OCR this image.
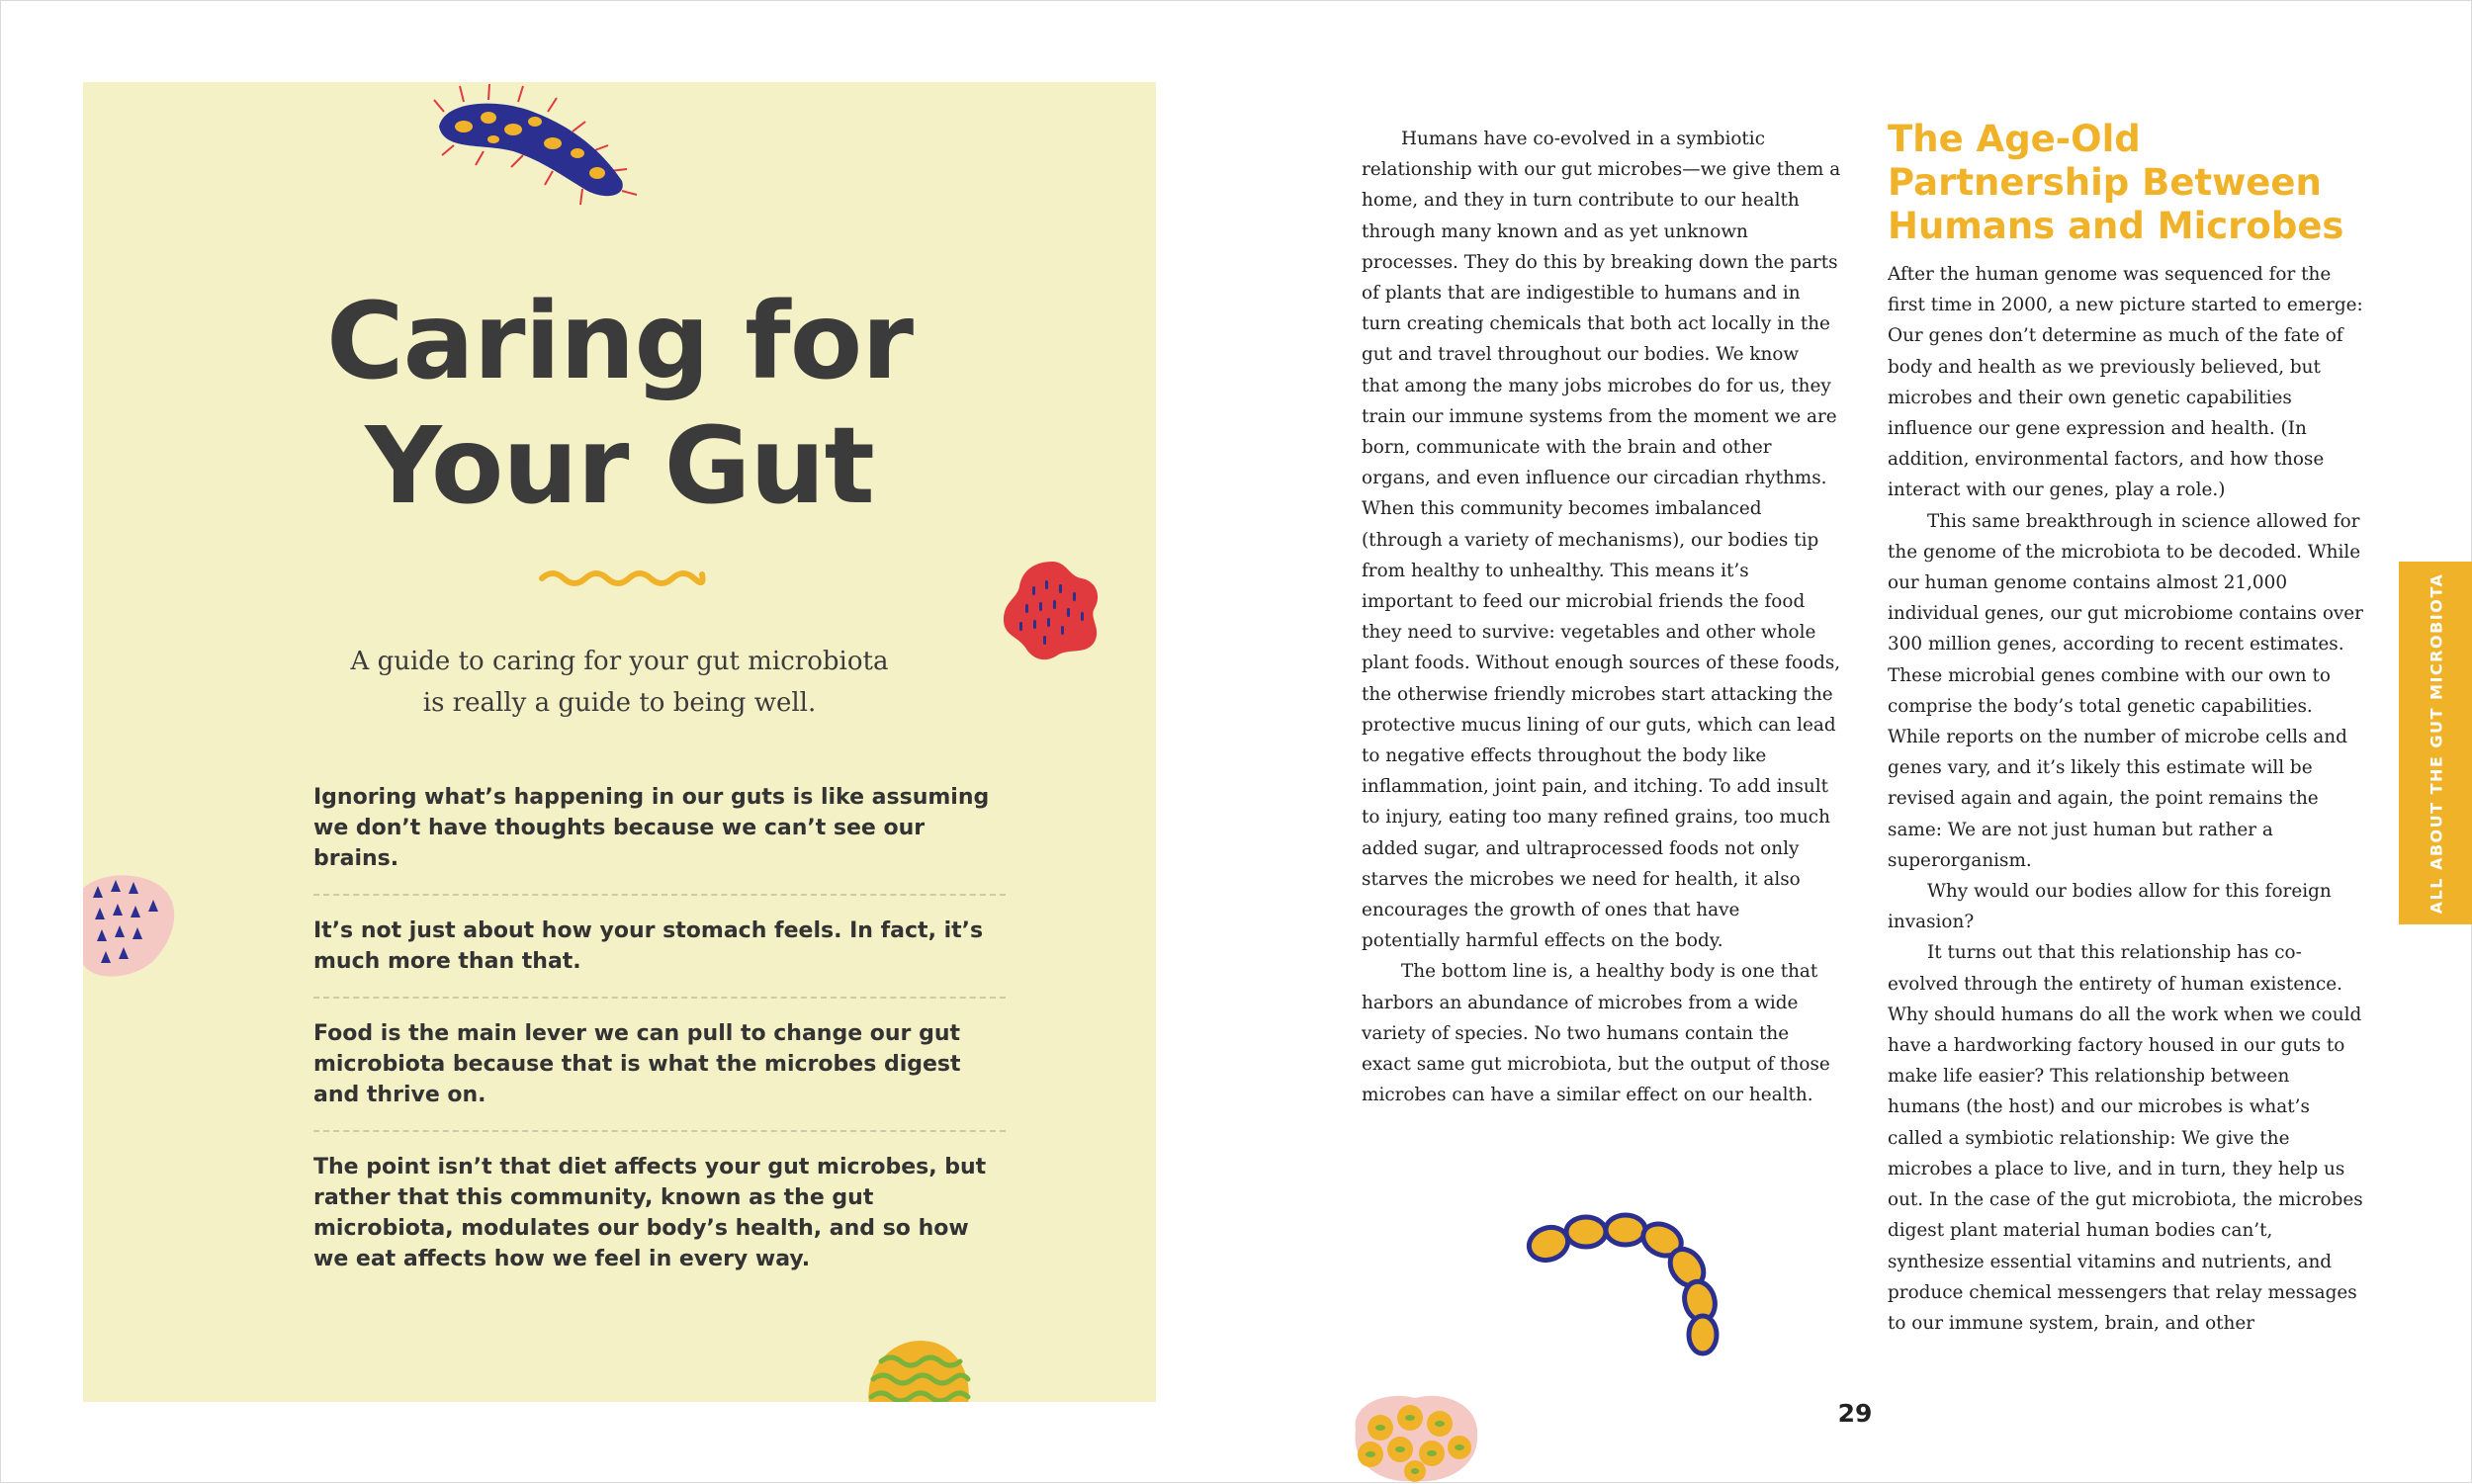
Caring for
Your Gut
A guide to caring for your gut microbiota
is really a guide to being well.
Ignoring what’s happening in our guts is like assuming we don’t have thoughts because we can’t see our brains.
It’s not just about how your stomach feels. In fact, it’s much more than that.
Food is the main lever we can pull to change our gut microbiota because that is what the microbes digest and thrive on.
The point isn’t that diet affects your gut microbes, but rather that this community, known as the gut microbiota, modulates our body’s health, and so how we eat affects how we feel in every way.

Humans have co-evolved in a symbiotic relationship with our gut microbes—we give them a home, and they in turn contribute to our health through many known and as yet unknown processes. They do this by breaking down the parts of plants that are indigestible to humans and in turn creating chemicals that both act locally in the gut and travel throughout our bodies. We know that among the many jobs microbes do for us, they train our immune systems from the moment we are born, communicate with the brain and other organs, and even influence our circadian rhythms. When this community becomes imbalanced (through a variety of mechanisms), our bodies tip from healthy to unhealthy. This means it’s important to feed our microbial friends the food they need to survive: vegetables and other whole plant foods. Without enough sources of these foods, the otherwise friendly microbes start attacking the protective mucus lining of our guts, which can lead to negative effects throughout the body like inflammation, joint pain, and itching. To add insult to injury, eating too many refined grains, too much added sugar, and ultraprocessed foods not only starves the microbes we need for health, it also encourages the growth of ones that have potentially harmful effects on the body.

The bottom line is, a healthy body is one that harbors an abundance of microbes from a wide variety of species. No two humans contain the exact same gut microbiota, but the output of those microbes can have a similar effect on our health.

The Age-Old
Partnership Between
Humans and Microbes

After the human genome was sequenced for the first time in 2000, a new picture started to emerge: Our genes don’t determine as much of the fate of body and health as we previously believed, but microbes and their own genetic capabilities influence our gene expression and health. (In addition, environmental factors, and how those interact with our genes, play a role.)

This same breakthrough in science allowed for the genome of the microbiota to be decoded. While our human genome contains almost 21,000 individual genes, our gut microbiome contains over 300 million genes, according to recent estimates. These microbial genes combine with our own to comprise the body’s total genetic capabilities. While reports on the number of microbe cells and genes vary, and it’s likely this estimate will be revised again and again, the point remains the same: We are not just human but rather a superorganism.

Why would our bodies allow for this foreign invasion?

It turns out that this relationship has co-evolved through the entirety of human existence. Why should humans do all the work when we could have a hardworking factory housed in our guts to make life easier? This relationship between humans (the host) and our microbes is what’s called a symbiotic relationship: We give the microbes a place to live, and in turn, they help us out. In the case of the gut microbiota, the microbes digest plant material human bodies can’t, synthesize essential vitamins and nutrients, and produce chemical messengers that relay messages to our immune system, brain, and other

ALL ABOUT THE GUT MICROBIOTA
29
